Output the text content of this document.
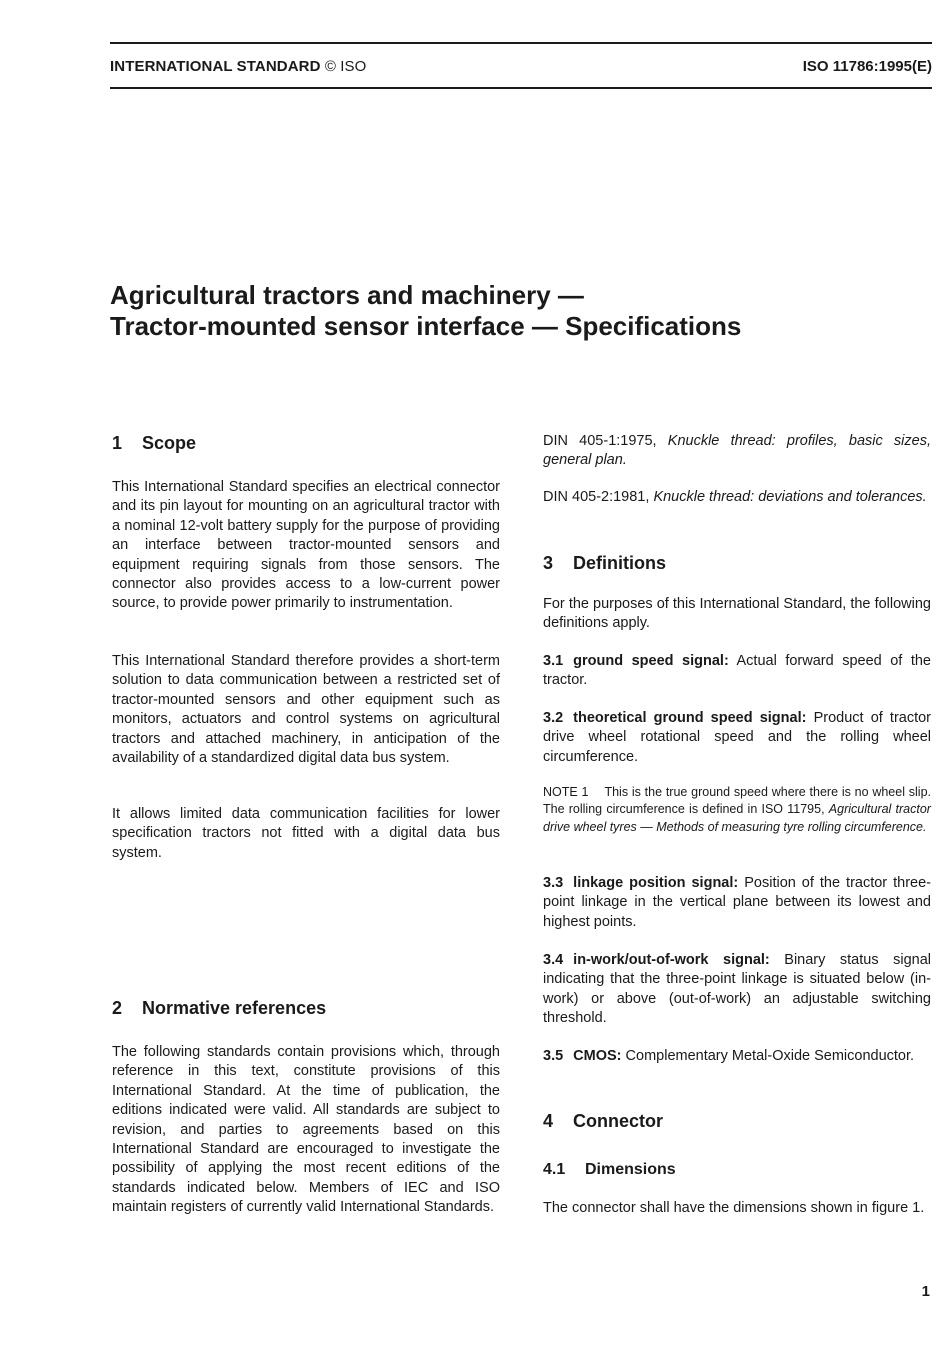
INTERNATIONAL STANDARD © ISO	ISO 11786:1995(E)
Agricultural tractors and machinery —
Tractor-mounted sensor interface — Specifications
1 Scope

This International Standard specifies an electrical connector and its pin layout for mounting on an agricultural tractor with a nominal 12-volt battery supply for the purpose of providing an interface between tractor-mounted sensors and equipment requiring signals from those sensors. The connector also provides access to a low-current power source, to provide power primarily to instrumentation.

This International Standard therefore provides a short-term solution to data communication between a restricted set of tractor-mounted sensors and other equipment such as monitors, actuators and control systems on agricultural tractors and attached machinery, in anticipation of the availability of a standardized digital data bus system.

It allows limited data communication facilities for lower specification tractors not fitted with a digital data bus system.

2 Normative references

The following standards contain provisions which, through reference in this text, constitute provisions of this International Standard. At the time of publication, the editions indicated were valid. All standards are subject to revision, and parties to agreements based on this International Standard are encouraged to investigate the possibility of applying the most recent editions of the standards indicated below. Members of IEC and ISO maintain registers of currently valid International Standards.

DIN 405-1:1975, Knuckle thread: profiles, basic sizes, general plan.

DIN 405-2:1981, Knuckle thread: deviations and tolerances.

3 Definitions

For the purposes of this International Standard, the following definitions apply.

3.1 ground speed signal: Actual forward speed of the tractor.

3.2 theoretical ground speed signal: Product of tractor drive wheel rotational speed and the rolling wheel circumference.

NOTE 1 This is the true ground speed where there is no wheel slip. The rolling circumference is defined in ISO 11795, Agricultural tractor drive wheel tyres — Methods of measuring tyre rolling circumference.

3.3 linkage position signal: Position of the tractor three-point linkage in the vertical plane between its lowest and highest points.

3.4 in-work/out-of-work signal: Binary status signal indicating that the three-point linkage is situated below (in-work) or above (out-of-work) an adjustable switching threshold.

3.5 CMOS: Complementary Metal-Oxide Semiconductor.

4 Connector
4.1 Dimensions

The connector shall have the dimensions shown in figure 1.

1
